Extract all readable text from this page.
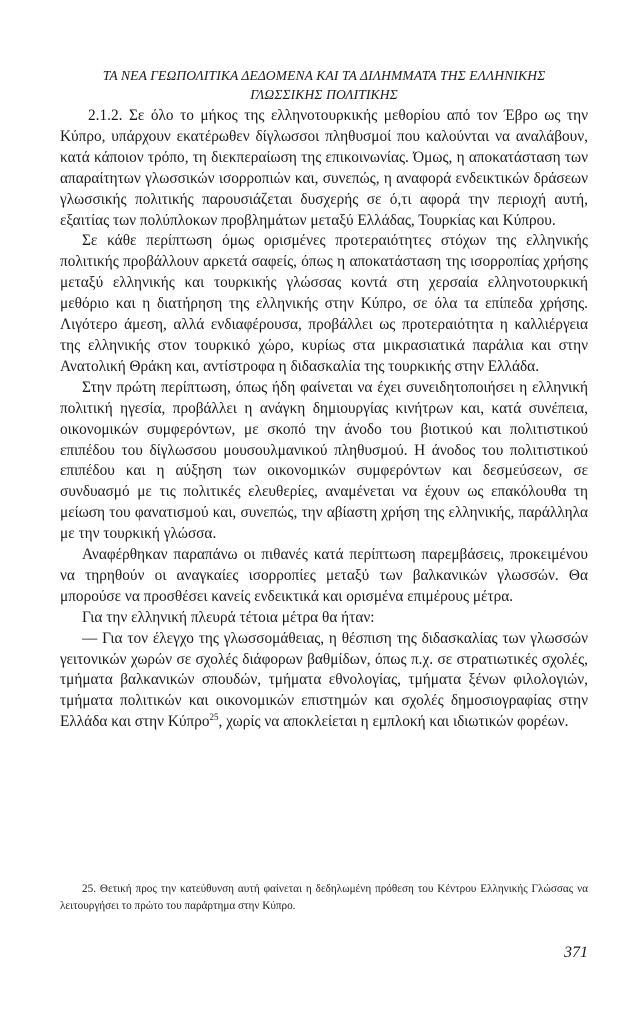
ΤΑ ΝΕΑ ΓΕΩΠΟΛΙΤΙΚΑ ΔΕΔΟΜΕΝΑ ΚΑΙ ΤΑ ΔΙΛΗΜΜΑΤΑ ΤΗΣ ΕΛΛΗΝΙΚΗΣ
ΓΛΩΣΣΙΚΗΣ ΠΟΛΙΤΙΚΗΣ

2.1.2. Σε όλο το μήκος της ελληνοτουρκικής μεθορίου από τον Έβρο ως την Κύπρο, υπάρχουν εκατέρωθεν δίγλωσσοι πληθυσμοί που καλούνται να αναλάβουν, κατά κάποιον τρόπο, τη διεκπεραίωση της επικοινωνίας. Όμως, η αποκατάσταση των απαραίτητων γλωσσικών ισορροπιών και, συνεπώς, η αναφορά ενδεικτικών δράσεων γλωσσικής πολιτικής παρουσιάζεται δυσχερής σε ό,τι αφορά την περιοχή αυτή, εξαιτίας των πολύπλοκων προβλημάτων μεταξύ Ελλάδας, Τουρκίας και Κύπρου.

Σε κάθε περίπτωση όμως ορισμένες προτεραιότητες στόχων της ελληνικής πολιτικής προβάλλουν αρκετά σαφείς, όπως η αποκατάσταση της ισορροπίας χρήσης μεταξύ ελληνικής και τουρκικής γλώσσας κοντά στη χερσαία ελληνοτουρκική μεθόριο και η διατήρηση της ελληνικής στην Κύπρο, σε όλα τα επίπεδα χρήσης. Λιγότερο άμεση, αλλά ενδιαφέρουσα, προβάλλει ως προτεραιότητα η καλλιέργεια της ελληνικής στον τουρκικό χώρο, κυρίως στα μικρασιατικά παράλια και στην Ανατολική Θράκη και, αντίστροφα η διδασκαλία της τουρκικής στην Ελλάδα.

Στην πρώτη περίπτωση, όπως ήδη φαίνεται να έχει συνειδητοποιήσει η ελληνική πολιτική ηγεσία, προβάλλει η ανάγκη δημιουργίας κινήτρων και, κατά συνέπεια, οικονομικών συμφερόντων, με σκοπό την άνοδο του βιοτικού και πολιτιστικού επιπέδου του δίγλωσσου μουσουλμανικού πληθυσμού. Η άνοδος του πολιτιστικού επιπέδου και η αύξηση των οικονομικών συμφερόντων και δεσμεύσεων, σε συνδυασμό με τις πολιτικές ελευθερίες, αναμένεται να έχουν ως επακόλουθα τη μείωση του φανατισμού και, συνεπώς, την αβίαστη χρήση της ελληνικής, παράλληλα με την τουρκική γλώσσα.

Αναφέρθηκαν παραπάνω οι πιθανές κατά περίπτωση παρεμβάσεις, προκειμένου να τηρηθούν οι αναγκαίες ισορροπίες μεταξύ των βαλκανικών γλωσσών. Θα μπορούσε να προσθέσει κανείς ενδεικτικά και ορισμένα επιμέρους μέτρα.

Για την ελληνική πλευρά τέτοια μέτρα θα ήταν:

— Για τον έλεγχο της γλωσσομάθειας, η θέσπιση της διδασκαλίας των γλωσσών γειτονικών χωρών σε σχολές διάφορων βαθμίδων, όπως π.χ. σε στρατιωτικές σχολές, τμήματα βαλκανικών σπουδών, τμήματα εθνολογίας, τμήματα ξένων φιλολογιών, τμήματα πολιτικών και οικονομικών επιστημών και σχολές δημοσιογραφίας στην Ελλάδα και στην Κύπρο$^{25}$, χωρίς να αποκλείεται η εμπλοκή και ιδιωτικών φορέων.

25. Θετική προς την κατεύθυνση αυτή φαίνεται η δεδηλωμένη πρόθεση του Κέντρου Ελληνικής Γλώσσας να λειτουργήσει το πρώτο του παράρτημα στην Κύπρο.
371
